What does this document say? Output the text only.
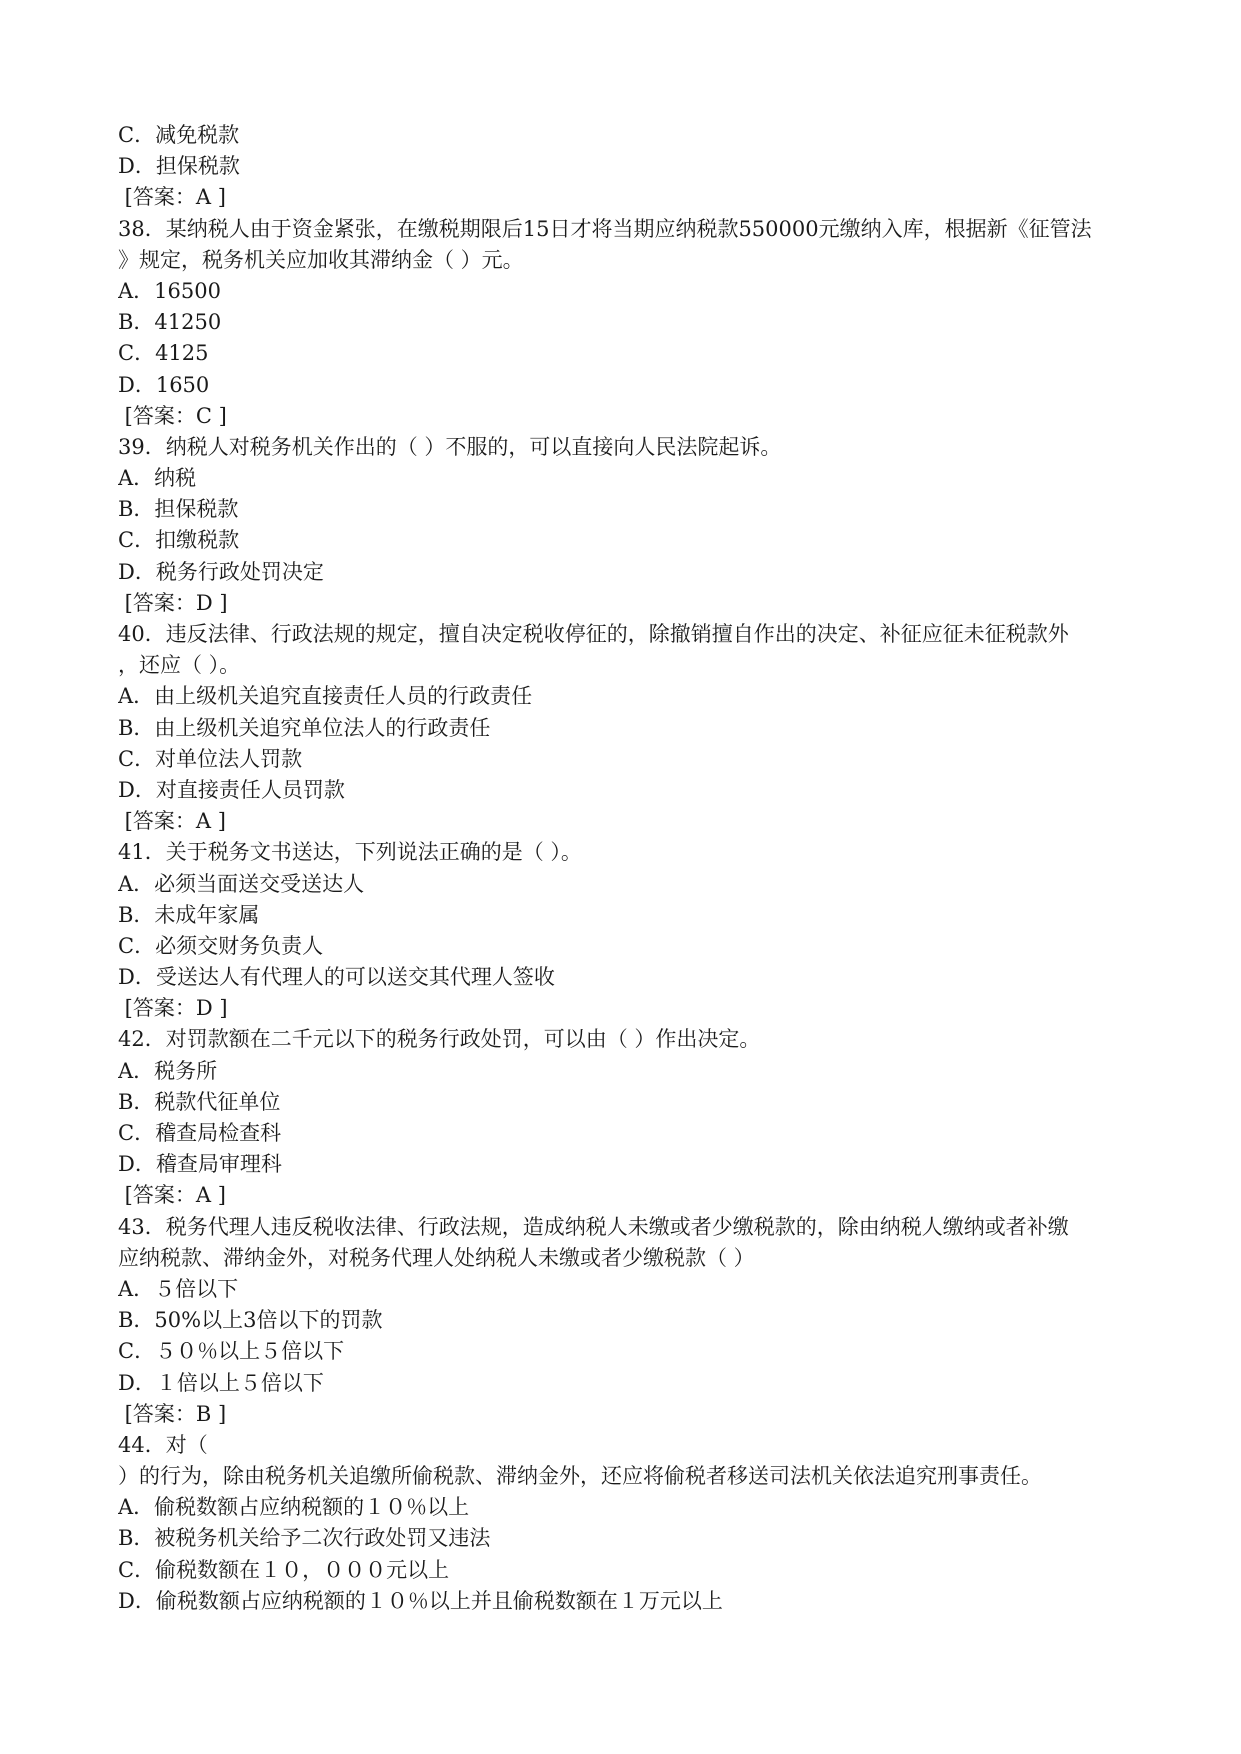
C．减免税款
D．担保税款
[答案：A ]
38．某纳税人由于资金紧张，在缴税期限后15日才将当期应纳税款550000元缴纳入库，根据新《征管法
》规定，税务机关应加收其滞纳金（ ）元。
A．16500
B．41250
C．4125
D．1650
[答案：C ]
39．纳税人对税务机关作出的（ ）不服的，可以直接向人民法院起诉。
A．纳税
B．担保税款
C．扣缴税款
D．税务行政处罚决定
[答案：D ]
40．违反法律、行政法规的规定，擅自决定税收停征的，除撤销擅自作出的决定、补征应征未征税款外
，还应（ ）。
A．由上级机关追究直接责任人员的行政责任
B．由上级机关追究单位法人的行政责任
C．对单位法人罚款
D．对直接责任人员罚款
[答案：A ]
41．关于税务文书送达，下列说法正确的是（ ）。
A．必须当面送交受送达人
B．未成年家属
C．必须交财务负责人
D．受送达人有代理人的可以送交其代理人签收
[答案：D ]
42．对罚款额在二千元以下的税务行政处罚，可以由（ ）作出决定。
A．税务所
B．税款代征单位
C．稽查局检查科
D．稽查局审理科
[答案：A ]
43．税务代理人违反税收法律、行政法规，造成纳税人未缴或者少缴税款的，除由纳税人缴纳或者补缴
应纳税款、滞纳金外，对税务代理人处纳税人未缴或者少缴税款（ ）
A．５倍以下
B．50%以上3倍以下的罚款
C．５０％以上５倍以下
D．１倍以上５倍以下
[答案：B ]
44．对（
）的行为，除由税务机关追缴所偷税款、滞纳金外，还应将偷税者移送司法机关依法追究刑事责任。
A．偷税数额占应纳税额的１０％以上
B．被税务机关给予二次行政处罚又违法
C．偷税数额在１０，０００元以上
D．偷税数额占应纳税额的１０％以上并且偷税数额在１万元以上
